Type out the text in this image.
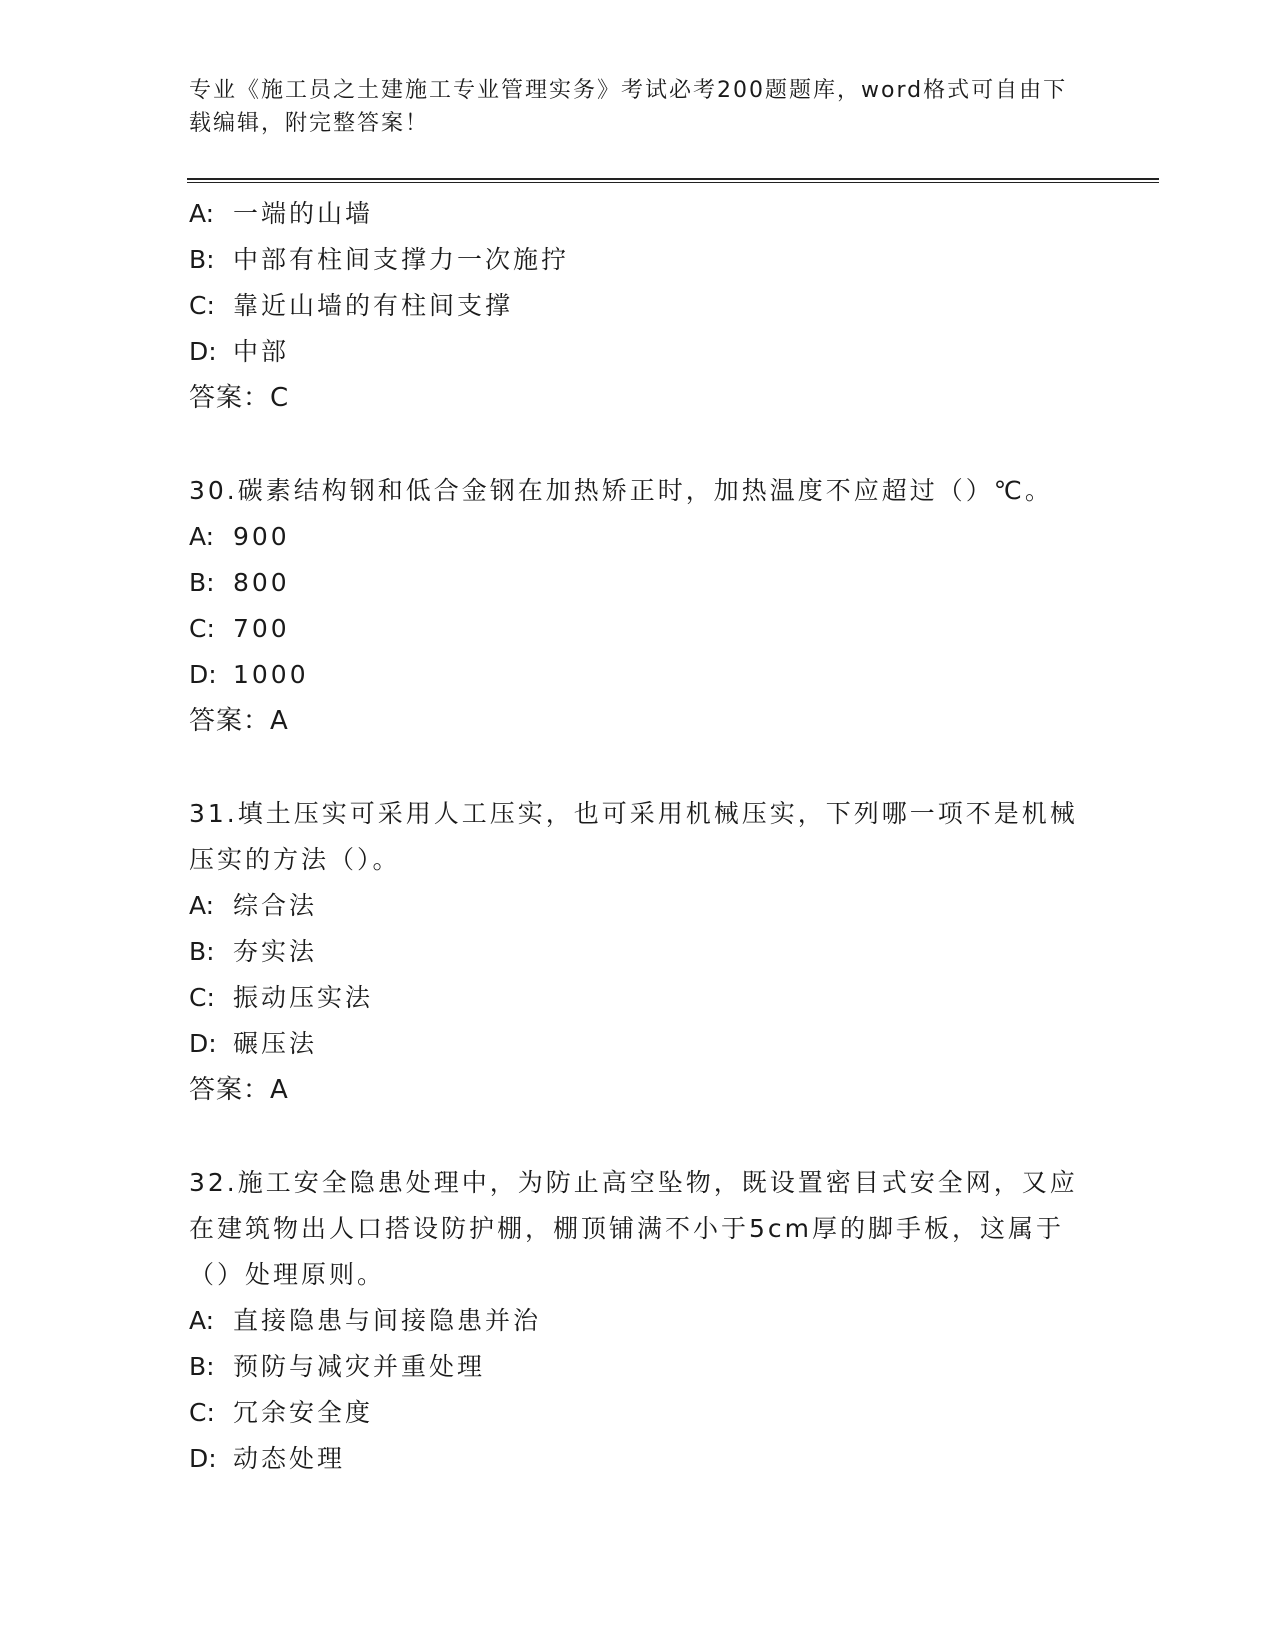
专业《施工员之土建施工专业管理实务》考试必考200题题库，word格式可自由下载编辑，附完整答案！
A: 一端的山墙
B: 中部有柱间支撑力一次施拧
C: 靠近山墙的有柱间支撑
D: 中部
答案：C
30.碳素结构钢和低合金钢在加热矫正时，加热温度不应超过（）℃。
A: 900
B: 800
C: 700
D: 1000
答案：A
31.填土压实可采用人工压实，也可采用机械压实，下列哪一项不是机械压实的方法（）。
A: 综合法
B: 夯实法
C: 振动压实法
D: 碾压法
答案：A
32.施工安全隐患处理中，为防止高空坠物，既设置密目式安全网，又应在建筑物出人口搭设防护棚，棚顶铺满不小于5cm厚的脚手板，这属于（）处理原则。
A: 直接隐患与间接隐患并治
B: 预防与减灾并重处理
C: 冗余安全度
D: 动态处理
